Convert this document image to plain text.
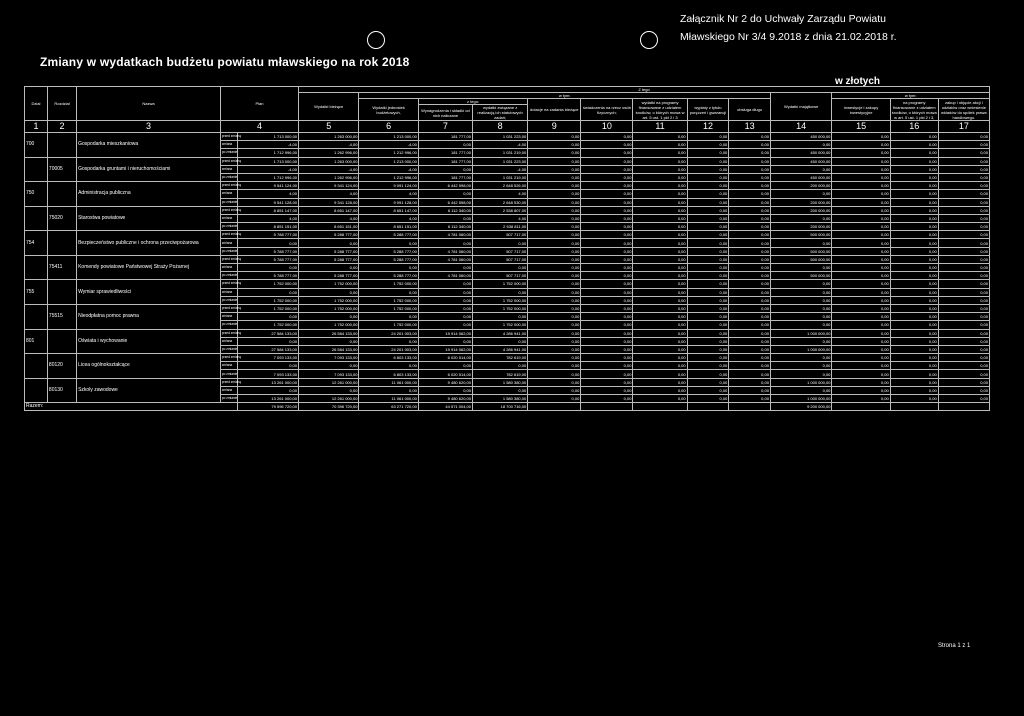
Załącznik Nr 2 do Uchwały Zarządu Powiatu
Mławskiego Nr 3/4 9.2018 z dnia 21.02.2018 r.
Zmiany w wydatkach budżetu powiatu mławskiego na rok 2018
w złotych
Dział	Rozdział	Nazwa	Plan		Z tego												
					Wydatki bieżące	w tym:								Wydatki majątkowe	w tym:		
						Wydatki jednostek budżetowych,	z tego:		dotacje na zadania bieżące	świadczenia na rzecz osób fizycznych;	wydatki na programy finansowane z udziałem środków, o których mowa w art. 5 ust. 1 pkt 2 i 3	wypłaty z tytułu poręczeń i gwarancji	obsługa długu		inwestycje i zakupy inwestycyjne	na programy finansowane z udziałem środków, o których mowa w art. 5 ust. 1 pkt 2 i 3,	zakup i objęcie akcji i udziałów oraz wniesienie wkładów do spółek prawa handlowego.
							Wynagrodzenia i składki od nich naliczane	wydatki związane z realizacją ich statutowych zadań;									
1	2	3	4		5	6	7	8	9	10	11	12	13	14	15	16	17
700		Gospodarka mieszkaniowa	przed zmianą	1 713 000,00	1 263 000,00	1 213 000,00	181 777,00	1 031 223,00	0,00	0,00	0,00	0,00	0,00	450 000,00	0,00	0,00	0,00
			zmiana	-4,00	-4,00	-4,00	0,00	-4,00	0,00	0,00	0,00	0,00	0,00	0,00	0,00	0,00	0,00
			po zmianie	1 712 996,00	1 262 996,00	1 212 996,00	181 777,00	1 031 219,00	0,00	0,00	0,00	0,00	0,00	450 000,00	0,00	0,00	0,00
	70005	Gospodarka gruntami i nieruchomościami	przed zmianą	1 713 000,00	1 263 000,00	1 213 000,00	181 777,00	1 031 223,00	0,00	0,00	0,00	0,00	0,00	450 000,00	0,00	0,00	0,00
			zmiana	-4,00	-4,00	-4,00	0,00	-4,00	0,00	0,00	0,00	0,00	0,00	0,00	0,00	0,00	0,00
			po zmianie	1 712 996,00	1 262 996,00	1 212 996,00	181 777,00	1 031 219,00	0,00	0,00	0,00	0,00	0,00	450 000,00	0,00	0,00	0,00
750		Administracja publiczna	przed zmianą	9 541 124,00	9 341 124,00	9 091 124,00	6 442 598,00	2 648 526,00	0,00	0,00	0,00	0,00	0,00	200 000,00	0,00	0,00	0,00
			zmiana	4,00	4,00	4,00	0,00	4,00	0,00	0,00	0,00	0,00	0,00	0,00	0,00	0,00	0,00
			po zmianie	9 541 128,00	9 341 128,00	9 091 128,00	6 442 598,00	2 648 530,00	0,00	0,00	0,00	0,00	0,00	200 000,00	0,00	0,00	0,00
	75020	Starostwa powiatowe	przed zmianą	8 851 147,00	8 651 147,00	8 651 147,00	6 112 340,00	2 538 807,00	0,00	0,00	0,00	0,00	0,00	200 000,00	0,00	0,00	0,00
			zmiana	4,00	4,00	4,00	0,00	4,00	0,00	0,00	0,00	0,00	0,00	0,00	0,00	0,00	0,00
			po zmianie	8 851 151,00	8 651 151,00	8 651 151,00	6 112 340,00	2 538 811,00	0,00	0,00	0,00	0,00	0,00	200 000,00	0,00	0,00	0,00
754		Bezpieczeństwo publiczne i ochrona przeciwpożarowa	przed zmianą	5 788 777,00	5 288 777,00	5 288 777,00	4 781 060,00	507 717,00	0,00	0,00	0,00	0,00	0,00	500 000,00	0,00	0,00	0,00
			zmiana	0,00	0,00	0,00	0,00	0,00	0,00	0,00	0,00	0,00	0,00	0,00	0,00	0,00	0,00
			po zmianie	5 788 777,00	5 288 777,00	5 288 777,00	4 781 060,00	507 717,00	0,00	0,00	0,00	0,00	0,00	500 000,00	0,00	0,00	0,00
	75411	Komendy powiatowe Państwowej Straży Pożarnej	przed zmianą	5 788 777,00	5 288 777,00	5 288 777,00	4 781 060,00	507 717,00	0,00	0,00	0,00	0,00	0,00	500 000,00	0,00	0,00	0,00
			zmiana	0,00	0,00	0,00	0,00	0,00	0,00	0,00	0,00	0,00	0,00	0,00	0,00	0,00	0,00
			po zmianie	5 788 777,00	5 288 777,00	5 288 777,00	4 781 060,00	507 717,00	0,00	0,00	0,00	0,00	0,00	500 000,00	0,00	0,00	0,00
755		Wymiar sprawiedliwości	przed zmianą	1 752 000,00	1 752 000,00	1 752 000,00	0,00	1 752 000,00	0,00	0,00	0,00	0,00	0,00	0,00	0,00	0,00	0,00
			zmiana	0,00	0,00	0,00	0,00	0,00	0,00	0,00	0,00	0,00	0,00	0,00	0,00	0,00	0,00
			po zmianie	1 752 000,00	1 752 000,00	1 752 000,00	0,00	1 752 000,00	0,00	0,00	0,00	0,00	0,00	0,00	0,00	0,00	0,00
	75515	Nieodpłatna pomoc prawna	przed zmianą	1 752 000,00	1 752 000,00	1 752 000,00	0,00	1 752 000,00	0,00	0,00	0,00	0,00	0,00	0,00	0,00	0,00	0,00
			zmiana	0,00	0,00	0,00	0,00	0,00	0,00	0,00	0,00	0,00	0,00	0,00	0,00	0,00	0,00
			po zmianie	1 752 000,00	1 752 000,00	1 752 000,00	0,00	1 752 000,00	0,00	0,00	0,00	0,00	0,00	0,00	0,00	0,00	0,00
801		Oświata i wychowanie	przed zmianą	27 584 133,00	26 584 133,00	24 201 003,00	19 914 062,00	4 286 941,00	0,00	0,00	0,00	0,00	0,00	1 000 000,00	0,00	0,00	0,00
			zmiana	0,00	0,00	0,00	0,00	0,00	0,00	0,00	0,00	0,00	0,00	0,00	0,00	0,00	0,00
			po zmianie	27 584 133,00	26 584 133,00	24 201 003,00	19 914 062,00	4 286 941,00	0,00	0,00	0,00	0,00	0,00	1 000 000,00	0,00	0,00	0,00
	80120	Licea ogólnokształcące	przed zmianą	7 093 133,00	7 093 133,00	6 803 133,00	6 020 514,00	782 619,00	0,00	0,00	0,00	0,00	0,00	0,00	0,00	0,00	0,00
			zmiana	0,00	0,00	0,00	0,00	0,00	0,00	0,00	0,00	0,00	0,00	0,00	0,00	0,00	0,00
			po zmianie	7 093 133,00	7 093 133,00	6 803 133,00	6 020 514,00	782 619,00	0,00	0,00	0,00	0,00	0,00	0,00	0,00	0,00	0,00
	80130	Szkoły zawodowe	przed zmianą	13 261 000,00	12 261 000,00	11 061 000,00	9 480 620,00	1 580 380,00	0,00	0,00	0,00	0,00	0,00	1 000 000,00	0,00	0,00	0,00
			zmiana	0,00	0,00	0,00	0,00	0,00	0,00	0,00	0,00	0,00	0,00	0,00	0,00	0,00	0,00
			po zmianie	13 261 000,00	12 261 000,00	11 061 000,00	9 480 620,00	1 580 380,00	0,00	0,00	0,00	0,00	0,00	1 000 000,00	0,00	0,00	0,00
Razem:				79 596 720,00	70 396 720,00	63 271 720,00	44 571 004,00	18 700 716,00						9 200 000,00			
Strona 1 z 1
